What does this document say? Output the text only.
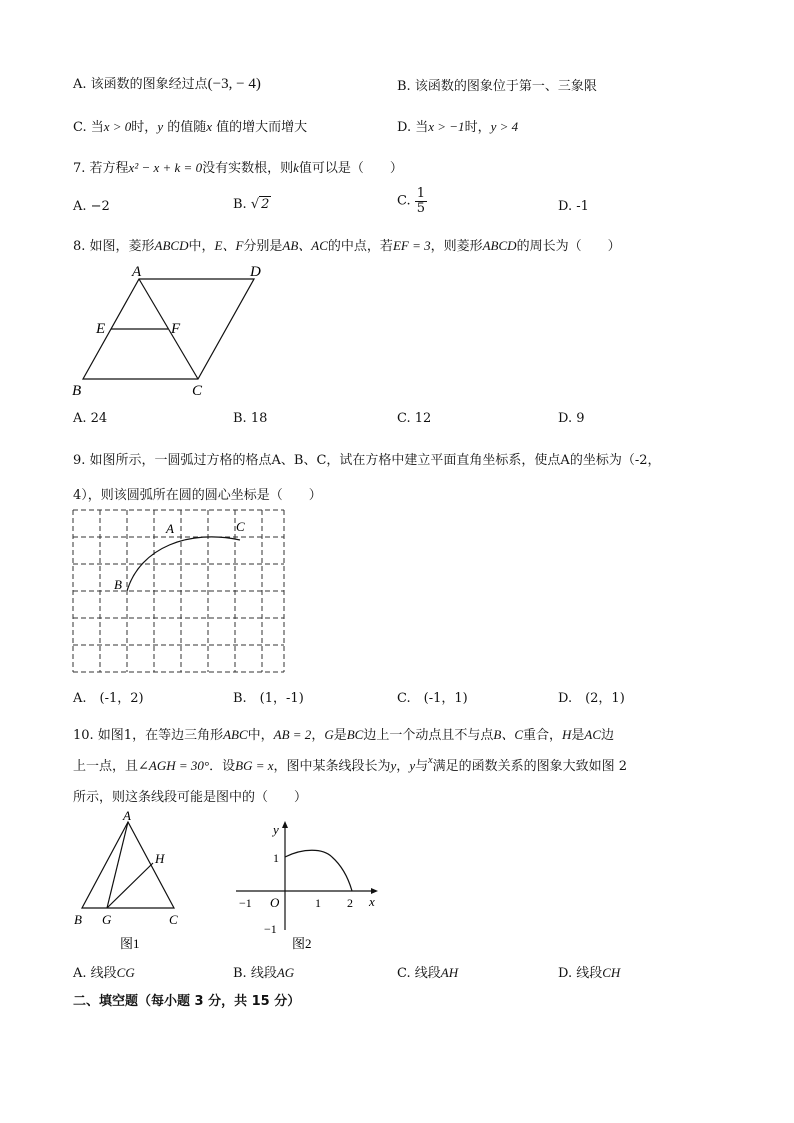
A. 该函数的图象经过点(−3, − 4)	B. 该函数的图象位于第一、三象限
C. 当x > 0时，y 的值随x 值的增大而增大	D. 当x > −1时，y > 4
7. 若方程x² − x + k = 0没有实数根，则k值可以是（　　）
A. −2	B. √ 2	C. $\frac{1}{5}$	D. -1
8. 如图，菱形ABCD中，E、F分别是AB、AC的中点，若EF = 3，则菱形ABCD的周长为（　　）
A	D
E	F
B	C
A. 24	B. 18	C. 12	D. 9
9. 如图所示，一圆弧过方格的格点A、B、C，试在方格中建立平面直角坐标系，使点A的坐标为（-2，
4），则该圆弧所在圆的圆心坐标是（　　）
A	C
B
A.　(-1，2)	B.　(1，-1)	C.　(-1，1)	D.　(2，1)
10. 如图1，在等边三角形ABC中，AB = 2，G是BC边上一个动点且不与点B、C重合，H是AC边
上一点，且∠AGH = 30°．设BG = x，图中某条线段长为y，y与$^x$满足的函数关系的图象大致如图 2
所示，则这条线段可能是图中的（　　）
A
B G	C
H
图1
y
x
1
−1 O	1 2
−1
图2
A. 线段CG	B. 线段AG	C. 线段AH	D. 线段CH
二、填空题（每小题 3 分，共 15 分）
